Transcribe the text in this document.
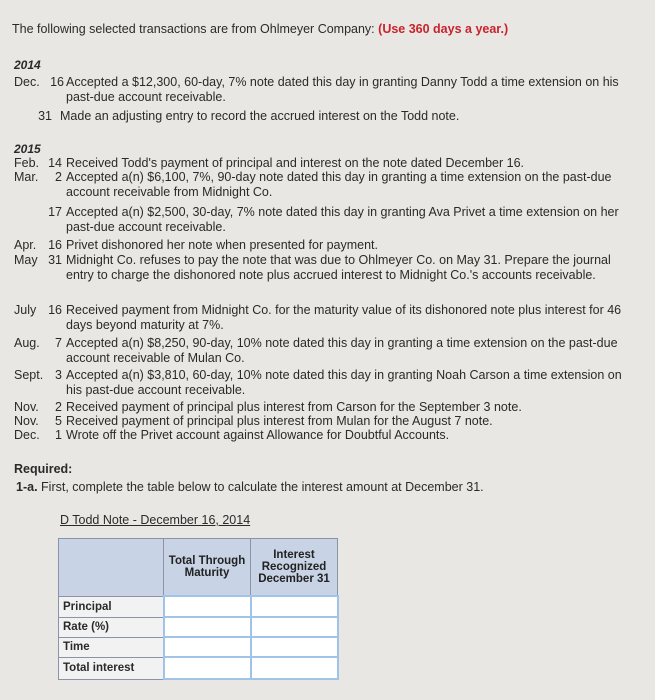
The following selected transactions are from Ohlmeyer Company: (Use 360 days a year.)
2014
Dec. 16 Accepted a $12,300, 60-day, 7% note dated this day in granting Danny Todd a time extension on his past-due account receivable.
31 Made an adjusting entry to record the accrued interest on the Todd note.
2015
Feb. 14 Received Todd's payment of principal and interest on the note dated December 16.
Mar.	2 Accepted a(n) $6,100, 7%, 90-day note dated this day in granting a time extension on the past-due account receivable from Midnight Co.
17 Accepted a(n) $2,500, 30-day, 7% note dated this day in granting Ava Privet a time extension on her past-due account receivable.
Apr. 16 Privet dishonored her note when presented for payment.
May 31 Midnight Co. refuses to pay the note that was due to Ohlmeyer Co. on May 31. Prepare the journal entry to charge the dishonored note plus accrued interest to Midnight Co.'s accounts receivable.
July 16 Received payment from Midnight Co. for the maturity value of its dishonored note plus interest for 46 days beyond maturity at 7%.
Aug.	7 Accepted a(n) $8,250, 90-day, 10% note dated this day in granting a time extension on the past-due account receivable of Mulan Co.
Sept. 3 Accepted a(n) $3,810, 60-day, 10% note dated this day in granting Noah Carson a time extension on his past-due account receivable.
Nov.	2 Received payment of principal plus interest from Carson for the September 3 note.
Nov.	5 Received payment of principal plus interest from Mulan for the August 7 note.
Dec.	1 Wrote off the Privet account against Allowance for Doubtful Accounts.
Required:
1-a. First, complete the table below to calculate the interest amount at December 31.
D Todd Note - December 16, 2014
	Total Through Maturity	Interest Recognized December 31
Principal		
Rate (%)		
Time		
Total interest		
